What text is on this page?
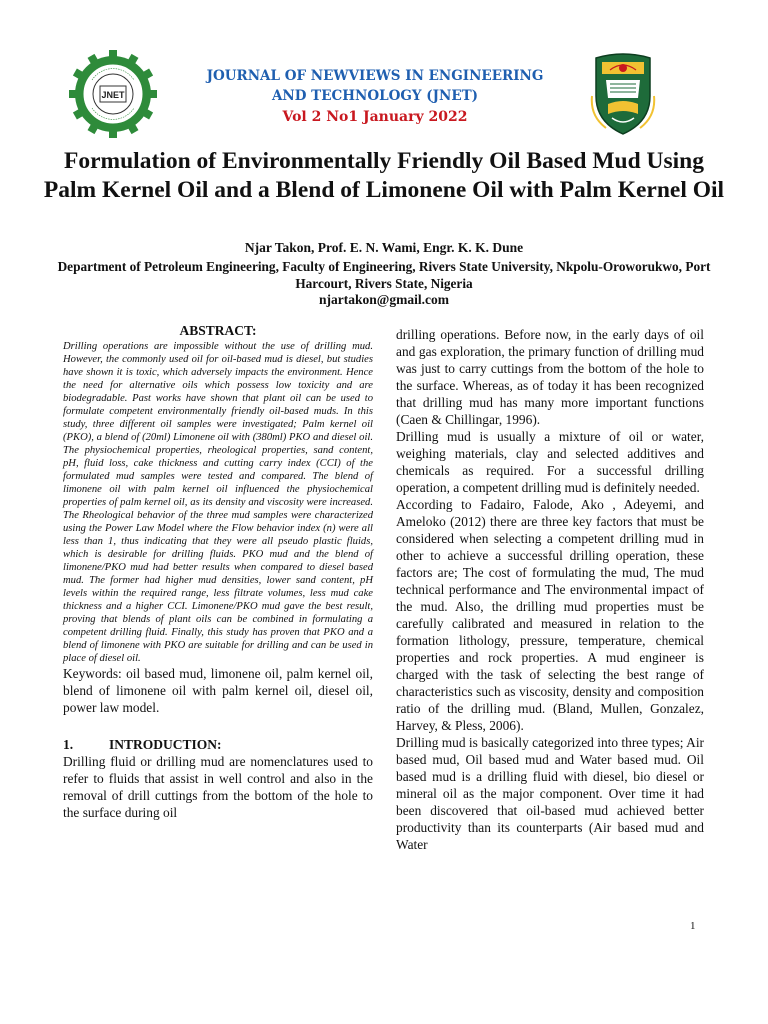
JNET
JOURNAL OF NEWVIEWS IN ENGINEERING
AND TECHNOLOGY (JNET)
Vol 2 No1 January 2022
Formulation of Environmentally Friendly Oil Based Mud Using Palm Kernel Oil and a Blend of Limonene Oil with Palm Kernel Oil
Njar Takon, Prof. E. N. Wami, Engr. K. K. Dune
Department of Petroleum Engineering, Faculty of Engineering, Rivers State University, Nkpolu-Oroworukwo, Port Harcourt, Rivers State, Nigeria
njartakon@gmail.com
ABSTRACT:

Drilling operations are impossible without the use of drilling mud. However, the commonly used oil for oil-based mud is diesel, but studies have shown it is toxic, which adversely impacts the environment. Hence the need for alternative oils which possess low toxicity and are biodegradable. Past works have shown that plant oil can be used to formulate competent environmentally friendly oil-based muds. In this study, three different oil samples were investigated; Palm kernel oil (PKO), a blend of (20ml) Limonene oil with (380ml) PKO and diesel oil. The physiochemical properties, rheological properties, sand content, pH, fluid loss, cake thickness and cutting carry index (CCI) of the formulated mud samples were tested and compared. The blend of limonene oil with palm kernel oil influenced the physiochemical properties of palm kernel oil, as its density and viscosity were increased. The Rheological behavior of the three mud samples were characterized using the Power Law Model where the Flow behavior index (n) were all less than 1, thus indicating that they were all pseudo plastic fluids, which is desirable for drilling fluids. PKO mud and the blend of limonene/PKO mud had better results when compared to diesel based mud. The former had higher mud densities, lower sand content, pH levels within the required range, less filtrate volumes, less mud cake thickness and a higher CCI. Limonene/PKO mud gave the best result, proving that blends of plant oils can be combined in formulating a competent drilling fluid. Finally, this study has proven that PKO and a blend of limonene with PKO are suitable for drilling and can be used in place of diesel oil.

Keywords: oil based mud, limonene oil, palm kernel oil, blend of limonene oil with palm kernel oil, diesel oil, power law model.

1.	INTRODUCTION:

Drilling fluid or drilling mud are nomenclatures used to refer to fluids that assist in well control and also in the removal of drill cuttings from the bottom of the hole to the surface during oil

drilling operations. Before now, in the early days of oil and gas exploration, the primary function of drilling mud was just to carry cuttings from the bottom of the hole to the surface. Whereas, as of today it has been recognized that drilling mud has many more important functions (Caen & Chillingar, 1996).

Drilling mud is usually a mixture of oil or water, weighing materials, clay and selected additives and chemicals as required. For a successful drilling operation, a competent drilling mud is definitely needed.

According to Fadairo, Falode, Ako , Adeyemi, and Ameloko (2012) there are three key factors that must be considered when selecting a competent drilling mud in other to achieve a successful drilling operation, these factors are; The cost of formulating the mud, The mud technical performance and The environmental impact of the mud. Also, the drilling mud properties must be carefully calibrated and measured in relation to the formation lithology, pressure, temperature, chemical properties and rock properties. A mud engineer is charged with the task of selecting the best range of characteristics such as viscosity, density and composition ratio of the drilling mud. (Bland, Mullen, Gonzalez, Harvey, & Pless, 2006).

Drilling mud is basically categorized into three types; Air based mud, Oil based mud and Water based mud. Oil based mud is a drilling fluid with diesel, bio diesel or mineral oil as the major component. Over time it had been discovered that oil-based mud achieved better productivity than its counterparts (Air based mud and Water

1
